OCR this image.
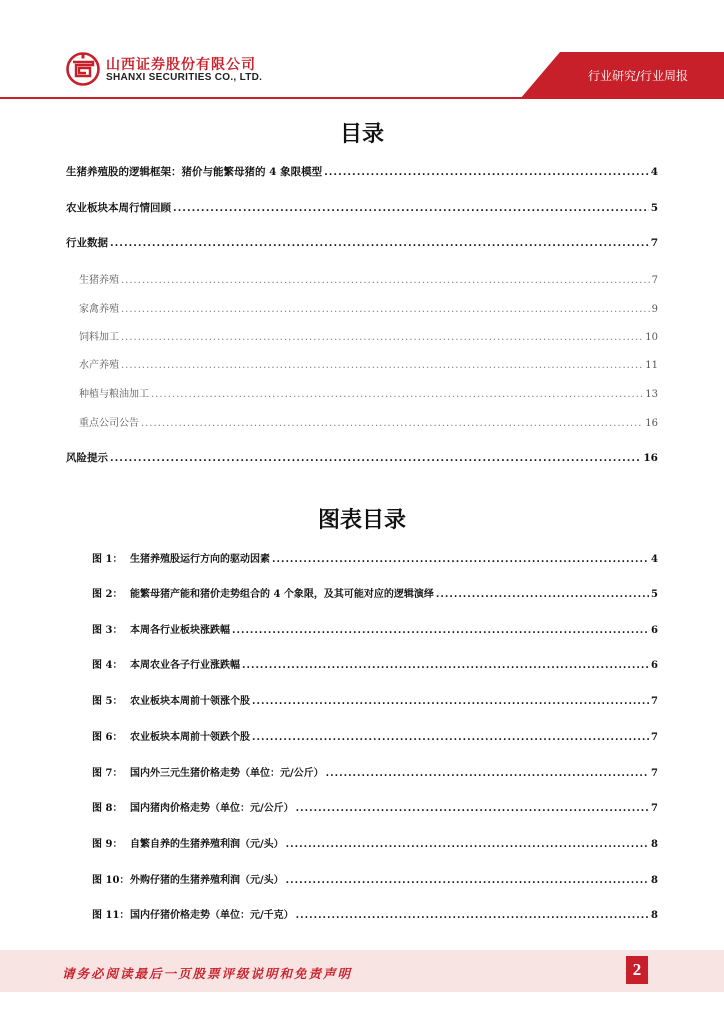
山西证券股份有限公司
SHANXI SECURITIES CO., LTD.	行业研究/行业周报
目录
生猪养殖股的逻辑框架：猪价与能繁母猪的 4 象限模型 .....	4
农业板块本周行情回顾 .....	5
行业数据 .....	7
生猪养殖 .....	7
家禽养殖 .....	9
饲料加工 .....	10
水产养殖 .....	11
种植与粮油加工 .....	13
重点公司公告 .....	16
风险提示 .....	16
图表目录
图 1： 生猪养殖股运行方向的驱动因素 .....	4
图 2： 能繁母猪产能和猪价走势组合的 4 个象限，及其可能对应的逻辑演绎 .....	5
图 3： 本周各行业板块涨跌幅 .....	6
图 4： 本周农业各子行业涨跌幅 .....	6
图 5： 农业板块本周前十领涨个股 .....	7
图 6： 农业板块本周前十领跌个股 .....	7
图 7： 国内外三元生猪价格走势（单位：元/公斤） .....	7
图 8： 国内猪肉价格走势（单位：元/公斤） .....	7
图 9： 自繁自养的生猪养殖利润（元/头） .....	8
图 10： 外购仔猪的生猪养殖利润（元/头） .....	8
图 11： 国内仔猪价格走势（单位：元/千克） .....	8
请务必阅读最后一页股票评级说明和免责声明	2
